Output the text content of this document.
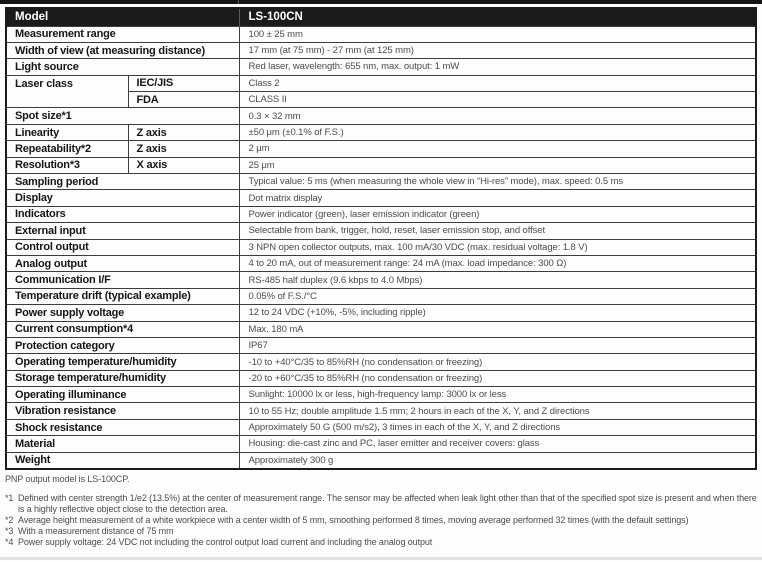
Model		LS-100CN
Measurement range		100 ± 25 mm
Width of view (at measuring distance)		17 mm (at 75 mm) - 27 mm (at 125 mm)
Light source		Red laser, wavelength: 655 nm, max. output: 1 mW
Laser class	IEC/JIS	Class 2
	FDA	CLASS II
Spot size*1		0.3 × 32 mm
Linearity	Z axis	±50 μm (±0.1% of F.S.)
Repeatability*2	Z axis	2 μm
Resolution*3	X axis	25 μm
Sampling period		Typical value: 5 ms (when measuring the whole view in “Hi-res” mode), max. speed: 0.5 ms
Display		Dot matrix display
Indicators		Power indicator (green), laser emission indicator (green)
External input		Selectable from bank, trigger, hold, reset, laser emission stop, and offset
Control output		3 NPN open collector outputs, max. 100 mA/30 VDC (max. residual voltage: 1.8 V)
Analog output		4 to 20 mA, out of measurement range: 24 mA (max. load impedance: 300 Ω)
Communication I/F		RS-485 half duplex (9.6 kbps to 4.0 Mbps)
Temperature drift (typical example)		0.05% of F.S./°C
Power supply voltage		12 to 24 VDC (+10%, -5%, including ripple)
Current consumption*4		Max. 180 mA
Protection category		IP67
Operating temperature/humidity		-10 to +40°C/35 to 85%RH (no condensation or freezing)
Storage temperature/humidity		-20 to +60°C/35 to 85%RH (no condensation or freezing)
Operating illuminance		Sunlight: 10000 lx or less, high-frequency lamp: 3000 lx or less
Vibration resistance		10 to 55 Hz; double amplitude 1.5 mm; 2 hours in each of the X, Y, and Z directions
Shock resistance		Approximately 50 G (500 m/s2), 3 times in each of the X, Y, and Z directions
Material		Housing: die-cast zinc and PC, laser emitter and receiver covers: glass
Weight		Approximately 300 g
PNP output model is LS-100CP.
*1 Defined with center strength 1/e2 (13.5%) at the center of measurement range. The sensor may be affected when leak light other than that of the specified spot size is present and when there is a highly reflective object close to the detection area.
*2 Average height measurement of a white workpiece with a center width of 5 mm, smoothing performed 8 times, moving average performed 32 times (with the default settings)
*3 With a measurement distance of 75 mm
*4 Power supply voltage: 24 VDC not including the control output load current and including the analog output
